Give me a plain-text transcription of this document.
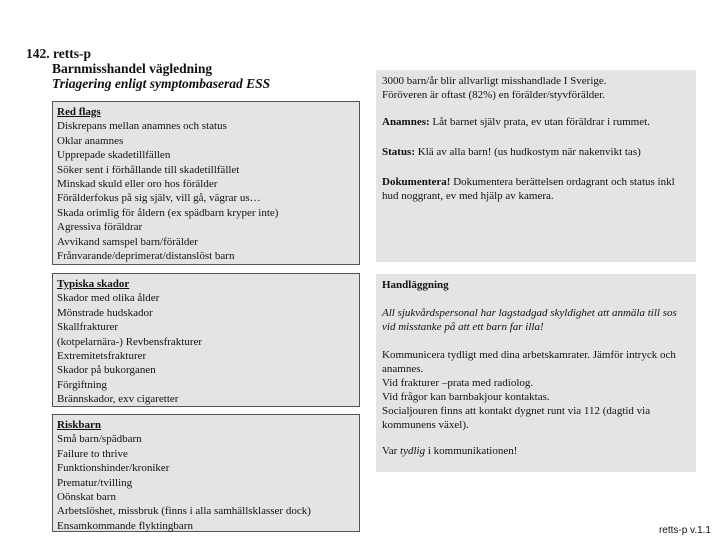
142. retts-p
Barnmisshandel vägledning
Triagering enligt symptombaserad ESS
Red flags
Diskrepans mellan anamnes och status
Oklar anamnes
Upprepade skadetillfällen
Söker sent i förhållande till skadetillfället
Minskad skuld eller oro hos förälder
Förälderfokus på sig själv, vill gå, vägrar us…
Skada orimlig för åldern (ex spädbarn kryper inte)
Agressiva föräldrar
Avvikand samspel barn/förälder
Frånvarande/deprimerat/distanslöst barn
Typiska skador
Skador med olika ålder
Mönstrade hudskador
Skallfrakturer
(kotpelarnära-) Revbensfrakturer
Extremitetsfrakturer
Skador på bukorganen
Förgiftning
Brännskador, exv cigaretter
Riskbarn
Små barn/spädbarn
Failure to thrive
Funktionshinder/kroniker
Prematur/tvilling
Oönskat barn
Arbetslöshet, missbruk (finns i alla samhällsklasser dock)
Ensamkommande flyktingbarn

3000 barn/år blir allvarligt misshandlade I Sverige.
Föröveren är oftast (82%) en förälder/styvförälder.

Anamnes: Låt barnet själv prata, ev utan föräldrar i rummet.

Status: Klä av alla barn! (us hudkostym när nakenvikt tas)

Dokumentera! Dokumentera berättelsen ordagrant och status inkl hud noggrant, ev med hjälp av kamera.

Handläggning

All sjukvårdspersonal har lagstadgad skyldighet att anmäla till sos vid misstanke på att ett barn far illa!

Kommunicera tydligt med dina arbetskamrater. Jämför intryck och anamnes.
Vid frakturer –prata med radiolog.
Vid frågor kan barnbakjour kontaktas.
Socialjouren finns att kontakt dygnet runt via 112 (dagtid via kommunens växel).

Var tydlig i kommunikationen!

retts-p v.1.1
